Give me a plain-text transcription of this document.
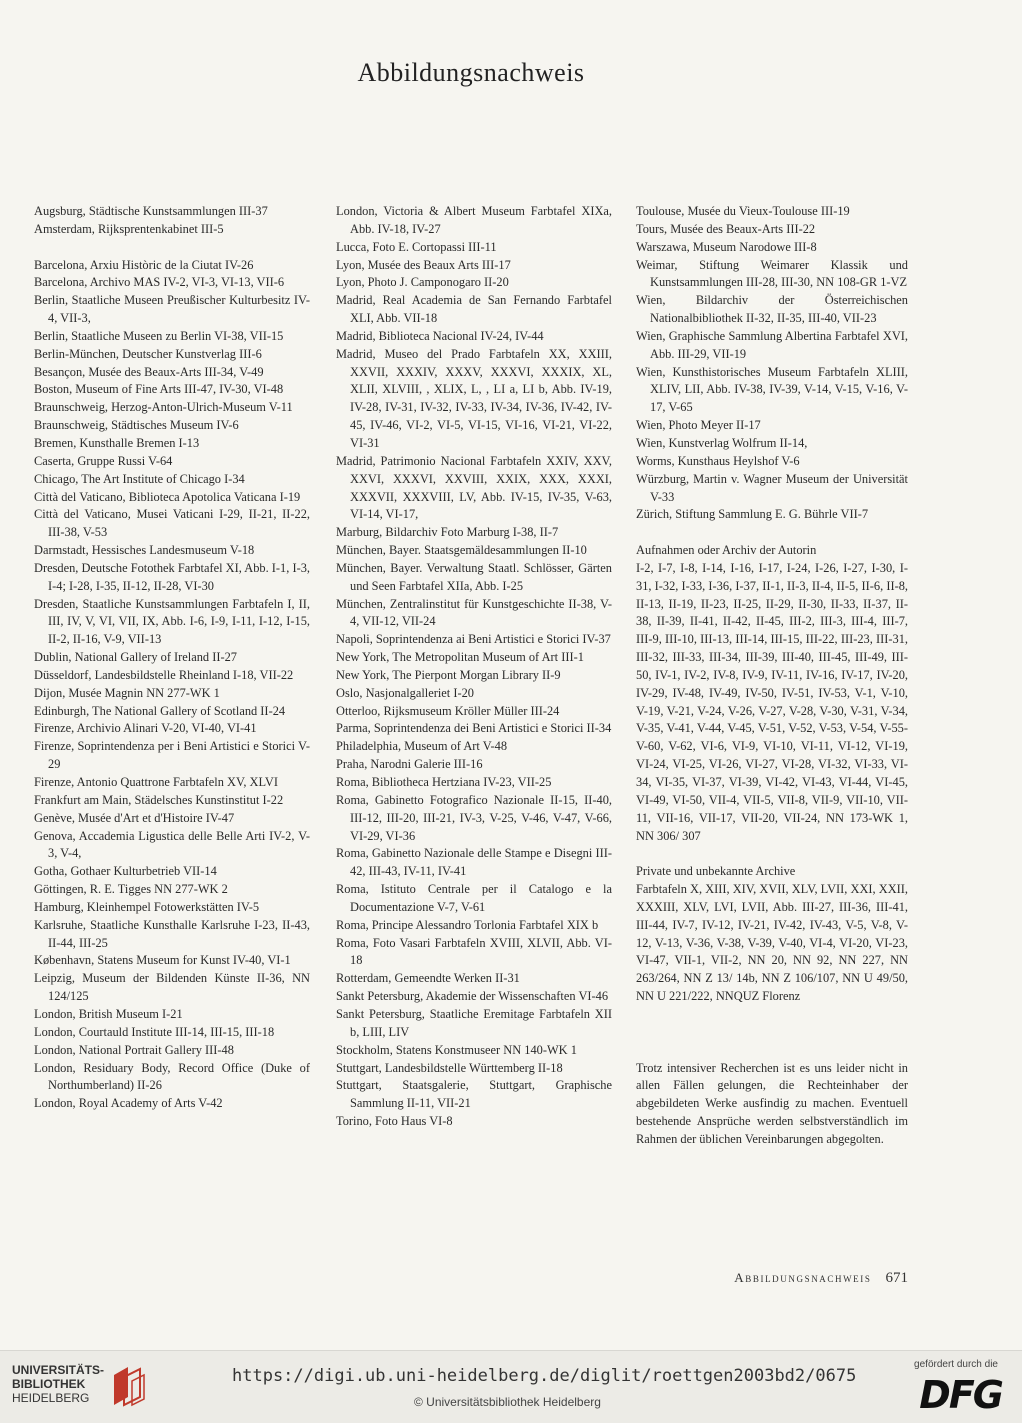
Abbildungsnachweis
Augsburg, Städtische Kunstsammlungen III-37
Amsterdam, Rijksprentenkabinet III-5
Barcelona, Arxiu Històric de la Ciutat IV-26
Barcelona, Archivo MAS IV-2, VI-3, VI-13, VII-6
Berlin, Staatliche Museen Preußischer Kulturbesitz IV-4, VII-3,
Berlin, Staatliche Museen zu Berlin VI-38, VII-15
Berlin-München, Deutscher Kunstverlag III-6
Besançon, Musée des Beaux-Arts III-34, V-49
Boston, Museum of Fine Arts III-47, IV-30, VI-48
Braunschweig, Herzog-Anton-Ulrich-Museum V-11
Braunschweig, Städtisches Museum IV-6
Bremen, Kunsthalle Bremen I-13
Caserta, Gruppe Russi V-64
Chicago, The Art Institute of Chicago I-34
Città del Vaticano, Biblioteca Apotolica Vaticana I-19
Città del Vaticano, Musei Vaticani I-29, II-21, II-22, III-38, V-53
Darmstadt, Hessisches Landesmuseum V-18
Dresden, Deutsche Fotothek Farbtafel XI, Abb. I-1, I-3, I-4; I-28, I-35, II-12, II-28, VI-30
Dresden, Staatliche Kunstsammlungen Farbtafeln I, II, III, IV, V, VI, VII, IX, Abb. I-6, I-9, I-11, I-12, I-15, II-2, II-16, V-9, VII-13
Dublin, National Gallery of Ireland II-27
Düsseldorf, Landesbildstelle Rheinland I-18, VII-22
Dijon, Musée Magnin NN 277-WK 1
Edinburgh, The National Gallery of Scotland II-24
Firenze, Archivio Alinari V-20, VI-40, VI-41
Firenze, Soprintendenza per i Beni Artistici e Storici V-29
Firenze, Antonio Quattrone Farbtafeln XV, XLVI
Frankfurt am Main, Städelsches Kunstinstitut I-22
Genève, Musée d'Art et d'Histoire IV-47
Genova, Accademia Ligustica delle Belle Arti IV-2, V-3, V-4,
Gotha, Gothaer Kulturbetrieb VII-14
Göttingen, R. E. Tigges NN 277-WK 2
Hamburg, Kleinhempel Fotowerkstätten IV-5
Karlsruhe, Staatliche Kunsthalle Karlsruhe I-23, II-43, II-44, III-25
København, Statens Museum for Kunst IV-40, VI-1
Leipzig, Museum der Bildenden Künste II-36, NN 124/125
London, British Museum I-21
London, Courtauld Institute III-14, III-15, III-18
London, National Portrait Gallery III-48
London, Residuary Body, Record Office (Duke of Northumberland) II-26
London, Royal Academy of Arts V-42
London, Victoria & Albert Museum Farbtafel XIXa, Abb. IV-18, IV-27
Lucca, Foto E. Cortopassi III-11
Lyon, Musée des Beaux Arts III-17
Lyon, Photo J. Camponogaro II-20
Madrid, Real Academia de San Fernando Farbtafel XLI, Abb. VII-18
Madrid, Biblioteca Nacional IV-24, IV-44
Madrid, Museo del Prado Farbtafeln XX, XXIII, XXVII, XXXIV, XXXV, XXXVI, XXXIX, XL, XLII, XLVIII, , XLIX, L, , LI a, LI b, Abb. IV-19, IV-28, IV-31, IV-32, IV-33, IV-34, IV-36, IV-42, IV-45, IV-46, VI-2, VI-5, VI-15, VI-16, VI-21, VI-22, VI-31
Madrid, Patrimonio Nacional Farbtafeln XXIV, XXV, XXVI, XXXVI, XXVIII, XXIX, XXX, XXXI, XXXVII, XXXVIII, LV, Abb. IV-15, IV-35, V-63, VI-14, VI-17,
Marburg, Bildarchiv Foto Marburg I-38, II-7
München, Bayer. Staatsgemäldesammlungen II-10
München, Bayer. Verwaltung Staatl. Schlösser, Gärten und Seen Farbtafel XIIa, Abb. I-25
München, Zentralinstitut für Kunstgeschichte II-38, V-4, VII-12, VII-24
Napoli, Soprintendenza ai Beni Artistici e Storici IV-37
New York, The Metropolitan Museum of Art III-1
New York, The Pierpont Morgan Library II-9
Oslo, Nasjonalgalleriet I-20
Otterloo, Rijksmuseum Kröller Müller III-24
Parma, Soprintendenza dei Beni Artistici e Storici II-34
Philadelphia, Museum of Art V-48
Praha, Narodni Galerie III-16
Roma, Bibliotheca Hertziana IV-23, VII-25
Roma, Gabinetto Fotografico Nazionale II-15, II-40, III-12, III-20, III-21, IV-3, V-25, V-46, V-47, V-66, VI-29, VI-36
Roma, Gabinetto Nazionale delle Stampe e Disegni III-42, III-43, IV-11, IV-41
Roma, Istituto Centrale per il Catalogo e la Documentazione V-7, V-61
Roma, Principe Alessandro Torlonia Farbtafel XIX b
Roma, Foto Vasari Farbtafeln XVIII, XLVII, Abb. VI-18
Rotterdam, Gemeendte Werken II-31
Sankt Petersburg, Akademie der Wissenschaften VI-46
Sankt Petersburg, Staatliche Eremitage Farbtafeln XII b, LIII, LIV
Stockholm, Statens Konstmuseer NN 140-WK 1
Stuttgart, Landesbildstelle Württemberg II-18
Stuttgart, Staatsgalerie, Stuttgart, Graphische Sammlung II-11, VII-21
Torino, Foto Haus VI-8
Toulouse, Musée du Vieux-Toulouse III-19
Tours, Musée des Beaux-Arts III-22
Warszawa, Museum Narodowe III-8
Weimar, Stiftung Weimarer Klassik und Kunstsammlungen III-28, III-30, NN 108-GR 1-VZ
Wien, Bildarchiv der Österreichischen Nationalbibliothek II-32, II-35, III-40, VII-23
Wien, Graphische Sammlung Albertina Farbtafel XVI, Abb. III-29, VII-19
Wien, Kunsthistorisches Museum Farbtafeln XLIII, XLIV, LII, Abb. IV-38, IV-39, V-14, V-15, V-16, V-17, V-65
Wien, Photo Meyer II-17
Wien, Kunstverlag Wolfrum II-14,
Worms, Kunsthaus Heylshof V-6
Würzburg, Martin v. Wagner Museum der Universität V-33
Zürich, Stiftung Sammlung E. G. Bührle VII-7
Aufnahmen oder Archiv der Autorin
I-2, I-7, I-8, I-14, I-16, I-17, I-24, I-26, I-27, I-30, I-31, I-32, I-33, I-36, I-37, II-1, II-3, II-4, II-5, II-6, II-8, II-13, II-19, II-23, II-25, II-29, II-30, II-33, II-37, II-38, II-39, II-41, II-42, II-45, III-2, III-3, III-4, III-7, III-9, III-10, III-13, III-14, III-15, III-22, III-23, III-31, III-32, III-33, III-34, III-39, III-40, III-45, III-49, III-50, IV-1, IV-2, IV-8, IV-9, IV-11, IV-16, IV-17, IV-20, IV-29, IV-48, IV-49, IV-50, IV-51, IV-53, V-1, V-10, V-19, V-21, V-24, V-26, V-27, V-28, V-30, V-31, V-34, V-35, V-41, V-44, V-45, V-51, V-52, V-53, V-54, V-55-V-60, V-62, VI-6, VI-9, VI-10, VI-11, VI-12, VI-19, VI-24, VI-25, VI-26, VI-27, VI-28, VI-32, VI-33, VI-34, VI-35, VI-37, VI-39, VI-42, VI-43, VI-44, VI-45, VI-49, VI-50, VII-4, VII-5, VII-8, VII-9, VII-10, VII-11, VII-16, VII-17, VII-20, VII-24, NN 173-WK 1, NN 306/ 307
Private und unbekannte Archive
Farbtafeln X, XIII, XIV, XVII, XLV, LVII, XXI, XXII, XXXIII, XLV, LVI, LVII, Abb. III-27, III-36, III-41, III-44, IV-7, IV-12, IV-21, IV-42, IV-43, V-5, V-8, V-12, V-13, V-36, V-38, V-39, V-40, VI-4, VI-20, VI-23, VI-47, VII-1, VII-2, NN 20, NN 92, NN 227, NN 263/264, NN Z 13/ 14b, NN Z 106/107, NN U 49/50, NN U 221/222, NNQUZ Florenz
Trotz intensiver Recherchen ist es uns leider nicht in allen Fällen gelungen, die Rechteinhaber der abgebildeten Werke ausfindig zu machen. Eventuell bestehende Ansprüche werden selbstverständlich im Rahmen der üblichen Vereinbarungen abgegolten.
Abbildungsnachweis 671
UNIVERSITÄTS-
BIBLIOTHEK
HEIDELBERG
https://digi.ub.uni-heidelberg.de/diglit/roettgen2003bd2/0675
© Universitätsbibliothek Heidelberg
gefördert durch die
DFG
